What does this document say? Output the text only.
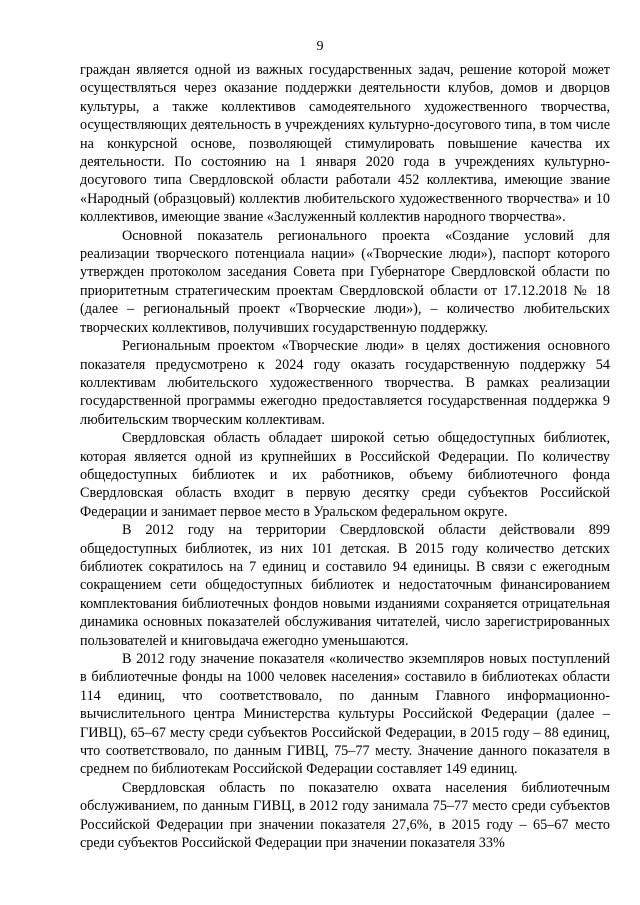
9

граждан является одной из важных государственных задач, решение которой может осуществляться через оказание поддержки деятельности клубов, домов и дворцов культуры, а также коллективов самодеятельного художественного творчества, осуществляющих деятельность в учреждениях культурно-досугового типа, в том числе на конкурсной основе, позволяющей стимулировать повышение качества их деятельности. По состоянию на 1 января 2020 года в учреждениях культурно-досугового типа Свердловской области работали 452 коллектива, имеющие звание «Народный (образцовый) коллектив любительского художественного творчества» и 10 коллективов, имеющие звание «Заслуженный коллектив народного творчества».

Основной показатель регионального проекта «Создание условий для реализации творческого потенциала нации» («Творческие люди»), паспорт которого утвержден протоколом заседания Совета при Губернаторе Свердловской области по приоритетным стратегическим проектам Свердловской области от 17.12.2018 № 18 (далее – региональный проект «Творческие люди»), – количество любительских творческих коллективов, получивших государственную поддержку.

Региональным проектом «Творческие люди» в целях достижения основного показателя предусмотрено к 2024 году оказать государственную поддержку 54 коллективам любительского художественного творчества. В рамках реализации государственной программы ежегодно предоставляется государственная поддержка 9 любительским творческим коллективам.

Свердловская область обладает широкой сетью общедоступных библиотек, которая является одной из крупнейших в Российской Федерации. По количеству общедоступных библиотек и их работников, объему библиотечного фонда Свердловская область входит в первую десятку среди субъектов Российской Федерации и занимает первое место в Уральском федеральном округе.

В 2012 году на территории Свердловской области действовали 899 общедоступных библиотек, из них 101 детская. В 2015 году количество детских библиотек сократилось на 7 единиц и составило 94 единицы. В связи с ежегодным сокращением сети общедоступных библиотек и недостаточным финансированием комплектования библиотечных фондов новыми изданиями сохраняется отрицательная динамика основных показателей обслуживания читателей, число зарегистрированных пользователей и книговыдача ежегодно уменьшаются.

В 2012 году значение показателя «количество экземпляров новых поступлений в библиотечные фонды на 1000 человек населения» составило в библиотеках области 114 единиц, что соответствовало, по данным Главного информационно-вычислительного центра Министерства культуры Российской Федерации (далее – ГИВЦ), 65–67 месту среди субъектов Российской Федерации, в 2015 году – 88 единиц, что соответствовало, по данным ГИВЦ, 75–77 месту. Значение данного показателя в среднем по библиотекам Российской Федерации составляет 149 единиц.

Свердловская область по показателю охвата населения библиотечным обслуживанием, по данным ГИВЦ, в 2012 году занимала 75–77 место среди субъектов Российской Федерации при значении показателя 27,6%, в 2015 году – 65–67 место среди субъектов Российской Федерации при значении показателя 33%
